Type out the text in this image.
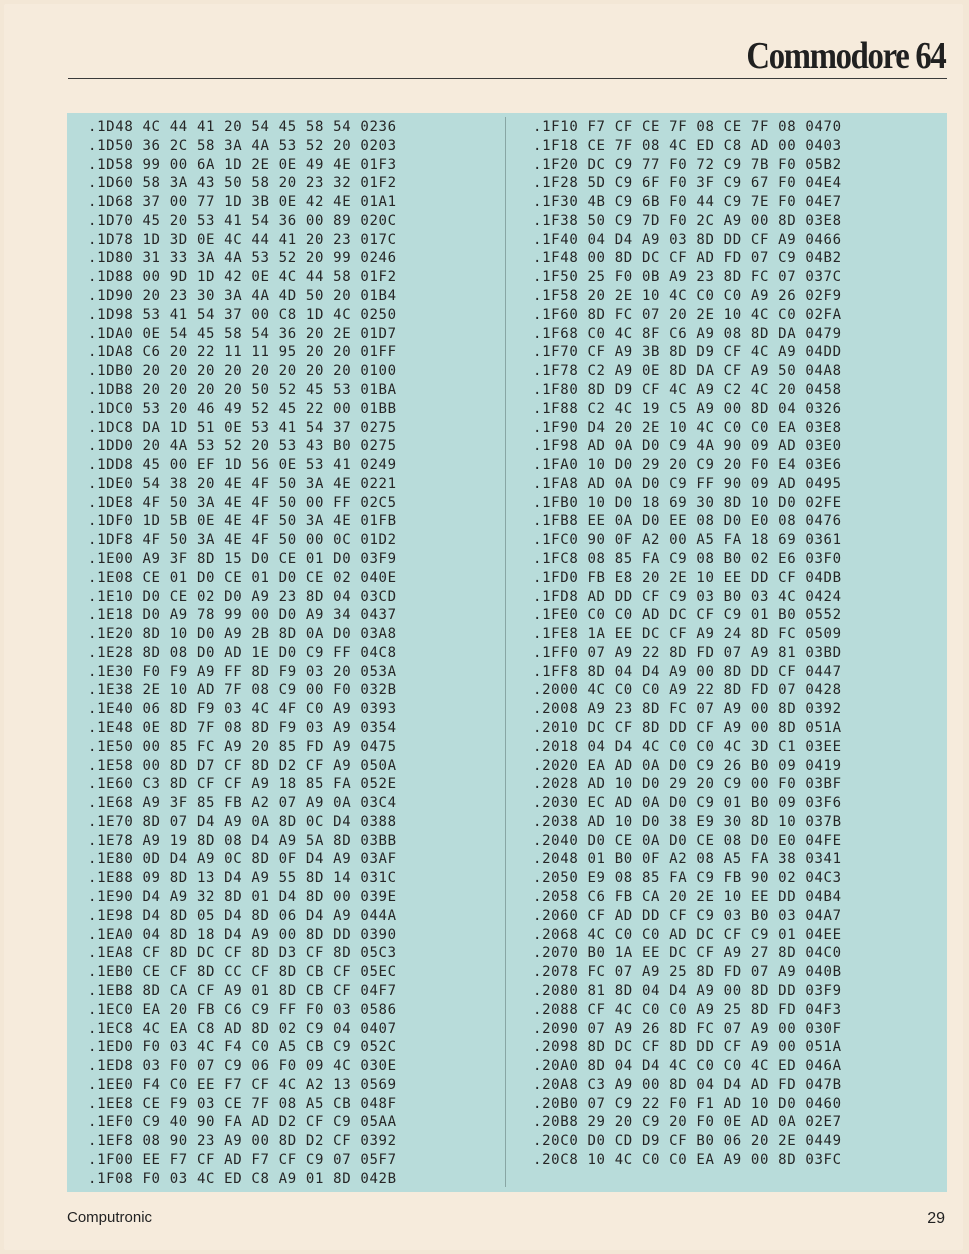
Commodore 64
.1D48 4C 44 41 20 54 45 58 54 0236
.1D50 36 2C 58 3A 4A 53 52 20 0203
.1D58 99 00 6A 1D 2E 0E 49 4E 01F3
.1D60 58 3A 43 50 58 20 23 32 01F2
.1D68 37 00 77 1D 3B 0E 42 4E 01A1
.1D70 45 20 53 41 54 36 00 89 020C
.1D78 1D 3D 0E 4C 44 41 20 23 017C
.1D80 31 33 3A 4A 53 52 20 99 0246
.1D88 00 9D 1D 42 0E 4C 44 58 01F2
.1D90 20 23 30 3A 4A 4D 50 20 01B4
.1D98 53 41 54 37 00 C8 1D 4C 0250
.1DA0 0E 54 45 58 54 36 20 2E 01D7
.1DA8 C6 20 22 11 11 95 20 20 01FF
.1DB0 20 20 20 20 20 20 20 20 0100
.1DB8 20 20 20 20 50 52 45 53 01BA
.1DC0 53 20 46 49 52 45 22 00 01BB
.1DC8 DA 1D 51 0E 53 41 54 37 0275
.1DD0 20 4A 53 52 20 53 43 B0 0275
.1DD8 45 00 EF 1D 56 0E 53 41 0249
.1DE0 54 38 20 4E 4F 50 3A 4E 0221
.1DE8 4F 50 3A 4E 4F 50 00 FF 02C5
.1DF0 1D 5B 0E 4E 4F 50 3A 4E 01FB
.1DF8 4F 50 3A 4E 4F 50 00 0C 01D2
.1E00 A9 3F 8D 15 D0 CE 01 D0 03F9
.1E08 CE 01 D0 CE 01 D0 CE 02 040E
.1E10 D0 CE 02 D0 A9 23 8D 04 03CD
.1E18 D0 A9 78 99 00 D0 A9 34 0437
.1E20 8D 10 D0 A9 2B 8D 0A D0 03A8
.1E28 8D 08 D0 AD 1E D0 C9 FF 04C8
.1E30 F0 F9 A9 FF 8D F9 03 20 053A
.1E38 2E 10 AD 7F 08 C9 00 F0 032B
.1E40 06 8D F9 03 4C 4F C0 A9 0393
.1E48 0E 8D 7F 08 8D F9 03 A9 0354
.1E50 00 85 FC A9 20 85 FD A9 0475
.1E58 00 8D D7 CF 8D D2 CF A9 050A
.1E60 C3 8D CF CF A9 18 85 FA 052E
.1E68 A9 3F 85 FB A2 07 A9 0A 03C4
.1E70 8D 07 D4 A9 0A 8D 0C D4 0388
.1E78 A9 19 8D 08 D4 A9 5A 8D 03BB
.1E80 0D D4 A9 0C 8D 0F D4 A9 03AF
.1E88 09 8D 13 D4 A9 55 8D 14 031C
.1E90 D4 A9 32 8D 01 D4 8D 00 039E
.1E98 D4 8D 05 D4 8D 06 D4 A9 044A
.1EA0 04 8D 18 D4 A9 00 8D DD 0390
.1EA8 CF 8D DC CF 8D D3 CF 8D 05C3
.1EB0 CE CF 8D CC CF 8D CB CF 05EC
.1EB8 8D CA CF A9 01 8D CB CF 04F7
.1EC0 EA 20 FB C6 C9 FF F0 03 0586
.1EC8 4C EA C8 AD 8D 02 C9 04 0407
.1ED0 F0 03 4C F4 C0 A5 CB C9 052C
.1ED8 03 F0 07 C9 06 F0 09 4C 030E
.1EE0 F4 C0 EE F7 CF 4C A2 13 0569
.1EE8 CE F9 03 CE 7F 08 A5 CB 048F
.1EF0 C9 40 90 FA AD D2 CF C9 05AA
.1EF8 08 90 23 A9 00 8D D2 CF 0392
.1F00 EE F7 CF AD F7 CF C9 07 05F7
.1F08 F0 03 4C ED C8 A9 01 8D 042B
.1F10 F7 CF CE 7F 08 CE 7F 08 0470
.1F18 CE 7F 08 4C ED C8 AD 00 0403
.1F20 DC C9 77 F0 72 C9 7B F0 05B2
.1F28 5D C9 6F F0 3F C9 67 F0 04E4
.1F30 4B C9 6B F0 44 C9 7E F0 04E7
.1F38 50 C9 7D F0 2C A9 00 8D 03E8
.1F40 04 D4 A9 03 8D DD CF A9 0466
.1F48 00 8D DC CF AD FD 07 C9 04B2
.1F50 25 F0 0B A9 23 8D FC 07 037C
.1F58 20 2E 10 4C C0 C0 A9 26 02F9
.1F60 8D FC 07 20 2E 10 4C C0 02FA
.1F68 C0 4C 8F C6 A9 08 8D DA 0479
.1F70 CF A9 3B 8D D9 CF 4C A9 04DD
.1F78 C2 A9 0E 8D DA CF A9 50 04A8
.1F80 8D D9 CF 4C A9 C2 4C 20 0458
.1F88 C2 4C 19 C5 A9 00 8D 04 0326
.1F90 D4 20 2E 10 4C C0 C0 EA 03E8
.1F98 AD 0A D0 C9 4A 90 09 AD 03E0
.1FA0 10 D0 29 20 C9 20 F0 E4 03E6
.1FA8 AD 0A D0 C9 FF 90 09 AD 0495
.1FB0 10 D0 18 69 30 8D 10 D0 02FE
.1FB8 EE 0A D0 EE 08 D0 E0 08 0476
.1FC0 90 0F A2 00 A5 FA 18 69 0361
.1FC8 08 85 FA C9 08 B0 02 E6 03F0
.1FD0 FB E8 20 2E 10 EE DD CF 04DB
.1FD8 AD DD CF C9 03 B0 03 4C 0424
.1FE0 C0 C0 AD DC CF C9 01 B0 0552
.1FE8 1A EE DC CF A9 24 8D FC 0509
.1FF0 07 A9 22 8D FD 07 A9 81 03BD
.1FF8 8D 04 D4 A9 00 8D DD CF 0447
.2000 4C C0 C0 A9 22 8D FD 07 0428
.2008 A9 23 8D FC 07 A9 00 8D 0392
.2010 DC CF 8D DD CF A9 00 8D 051A
.2018 04 D4 4C C0 C0 4C 3D C1 03EE
.2020 EA AD 0A D0 C9 26 B0 09 0419
.2028 AD 10 D0 29 20 C9 00 F0 03BF
.2030 EC AD 0A D0 C9 01 B0 09 03F6
.2038 AD 10 D0 38 E9 30 8D 10 037B
.2040 D0 CE 0A D0 CE 08 D0 E0 04FE
.2048 01 B0 0F A2 08 A5 FA 38 0341
.2050 E9 08 85 FA C9 FB 90 02 04C3
.2058 C6 FB CA 20 2E 10 EE DD 04B4
.2060 CF AD DD CF C9 03 B0 03 04A7
.2068 4C C0 C0 AD DC CF C9 01 04EE
.2070 B0 1A EE DC CF A9 27 8D 04C0
.2078 FC 07 A9 25 8D FD 07 A9 040B
.2080 81 8D 04 D4 A9 00 8D DD 03F9
.2088 CF 4C C0 C0 A9 25 8D FD 04F3
.2090 07 A9 26 8D FC 07 A9 00 030F
.2098 8D DC CF 8D DD CF A9 00 051A
.20A0 8D 04 D4 4C C0 C0 4C ED 046A
.20A8 C3 A9 00 8D 04 D4 AD FD 047B
.20B0 07 C9 22 F0 F1 AD 10 D0 0460
.20B8 29 20 C9 20 F0 0E AD 0A 02E7
.20C0 D0 CD D9 CF B0 06 20 2E 0449
.20C8 10 4C C0 C0 EA A9 00 8D 03FC
Computronic	29
